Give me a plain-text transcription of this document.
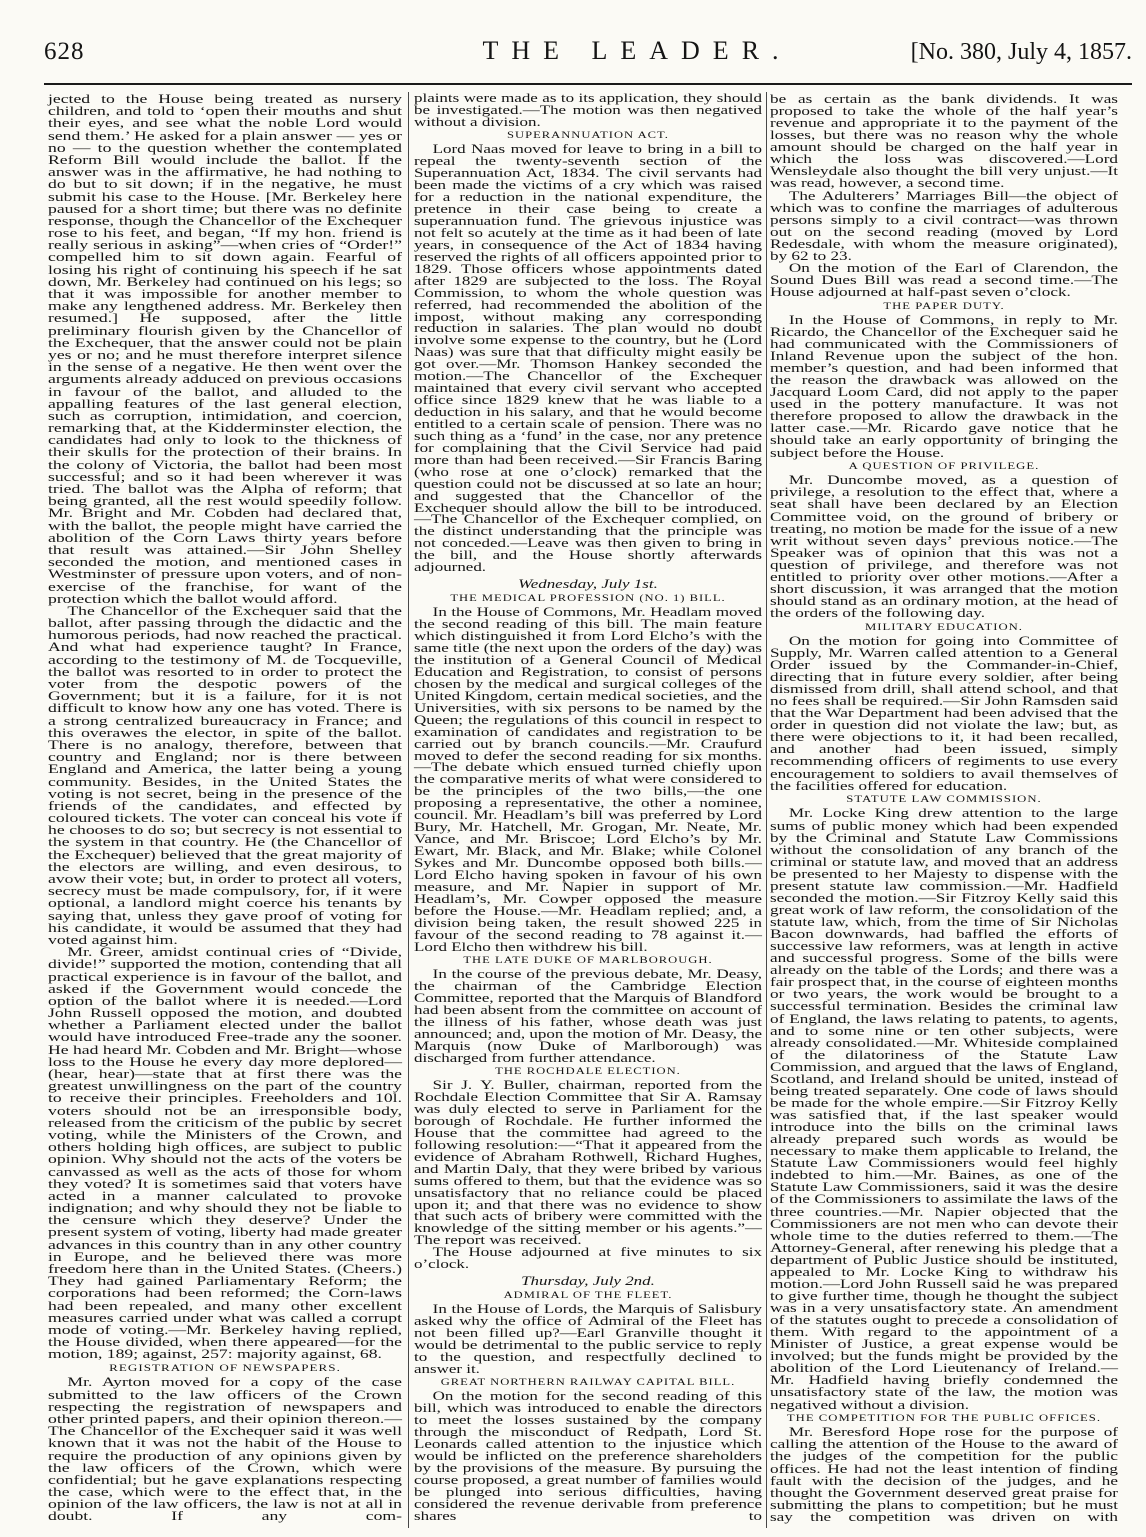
628	THE LEADER.	[No. 380, July 4, 1857.

jected to the House being treated as nursery children, and told to ‘open their mouths and shut their eyes, and see what the noble Lord would send them.’ He asked for a plain answer — yes or no — to the question whether the contemplated Reform Bill would include the ballot. If the answer was in the affirmative, he had nothing to do but to sit down; if in the negative, he must submit his case to the House. [Mr. Berkeley here paused for a short time; but there was no definite response, though the Chancellor of the Exchequer rose to his feet, and began, “If my hon. friend is really serious in asking”—when cries of “Order!” compelled him to sit down again. Fearful of losing his right of continuing his speech if he sat down, Mr. Berkeley had continued on his legs; so that it was impossible for another member to make any lengthened address. Mr. Berkeley then resumed.] He supposed, after the little preliminary flourish given by the Chancellor of the Exchequer, that the answer could not be plain yes or no; and he must therefore interpret silence in the sense of a negative. He then went over the arguments already adduced on previous occasions in favour of the ballot, and alluded to the appalling features of the last general election, such as corruption, intimidation, and coercion, remarking that, at the Kidderminster election, the candidates had only to look to the thickness of their skulls for the protection of their brains. In the colony of Victoria, the ballot had been most successful; and so it had been wherever it was tried. The ballot was the Alpha of reform; that being granted, all the rest would speedily follow. Mr. Bright and Mr. Cobden had declared that, with the ballot, the people might have carried the abolition of the Corn Laws thirty years before that result was attained.—Sir John Shelley seconded the motion, and mentioned cases in Westminster of pressure upon voters, and of non-exercise of the franchise, for want of the protection which the ballot would afford.

The Chancellor of the Exchequer said that the ballot, after passing through the didactic and the humorous periods, had now reached the practical. And what had experience taught? In France, according to the testimony of M. de Tocqueville, the ballot was resorted to in order to protect the voter from the despotic powers of the Government; but it is a failure, for it is not difficult to know how any one has voted. There is a strong centralized bureaucracy in France; and this overawes the elector, in spite of the ballot. There is no analogy, therefore, between that country and England; nor is there between England and America, the latter being a young community. Besides, in the United States the voting is not secret, being in the presence of the friends of the candidates, and effected by coloured tickets. The voter can conceal his vote if he chooses to do so; but secrecy is not essential to the system in that country. He (the Chancellor of the Exchequer) believed that the great majority of the electors are willing, and even desirous, to avow their vote; but, in order to protect all voters, secrecy must be made compulsory, for, if it were optional, a landlord might coerce his tenants by saying that, unless they gave proof of voting for his candidate, it would be assumed that they had voted against him.

Mr. Greer, amidst continual cries of “Divide, divide!” supported the motion, contending that all practical experience is in favour of the ballot, and asked if the Government would concede the option of the ballot where it is needed.—Lord John Russell opposed the motion, and doubted whether a Parliament elected under the ballot would have introduced Free-trade any the sooner. He had heard Mr. Cobden and Mr. Bright—whose loss to the House he every day more deplored—(hear, hear)—state that at first there was the greatest unwillingness on the part of the country to receive their principles. Freeholders and 10l. voters should not be an irresponsible body, released from the criticism of the public by secret voting, while the Ministers of the Crown, and others holding high offices, are subject to public opinion. Why should not the acts of the voters be canvassed as well as the acts of those for whom they voted? It is sometimes said that voters have acted in a manner calculated to provoke indignation; and why should they not be liable to the censure which they deserve? Under the present system of voting, liberty had made greater advances in this country than in any other country in Europe, and he believed there was more freedom here than in the United States. (Cheers.) They had gained Parliamentary Reform; the corporations had been reformed; the Corn-laws had been repealed, and many other excellent measures carried under what was called a corrupt mode of voting.—Mr. Berkeley having replied, the House divided, when there appeared—for the motion, 189; against, 257: majority against, 68.

REGISTRATION OF NEWSPAPERS.

Mr. Ayrton moved for a copy of the case submitted to the law officers of the Crown respecting the registration of newspapers and other printed papers, and their opinion thereon.—The Chancellor of the Exchequer said it was well known that it was not the habit of the House to require the production of any opinions given by the law officers of the Crown, which were confidential; but he gave explanations respecting the case, which were to the effect that, in the opinion of the law officers, the law is not at all in doubt. If any com-

plaints were made as to its application, they should be investigated.—The motion was then negatived without a division.

SUPERANNUATION ACT.

Lord Naas moved for leave to bring in a bill to repeal the twenty-seventh section of the Superannuation Act, 1834. The civil servants had been made the victims of a cry which was raised for a reduction in the national expenditure, the pretence in their case being to create a superannuation fund. The grievous injustice was not felt so acutely at the time as it had been of late years, in consequence of the Act of 1834 having reserved the rights of all officers appointed prior to 1829. Those officers whose appointments dated after 1829 are subjected to the loss. The Royal Commission, to whom the whole question was referred, had recommended the abolition of the impost, without making any corresponding reduction in salaries. The plan would no doubt involve some expense to the country, but he (Lord Naas) was sure that that difficulty might easily be got over.—Mr. Thomson Hankey seconded the motion.—The Chancellor of the Exchequer maintained that every civil servant who accepted office since 1829 knew that he was liable to a deduction in his salary, and that he would become entitled to a certain scale of pension. There was no such thing as a ‘fund’ in the case, nor any pretence for complaining that the Civil Service had paid more than had been received.—Sir Francis Baring (who rose at one o’clock) remarked that the question could not be discussed at so late an hour; and suggested that the Chancellor of the Exchequer should allow the bill to be introduced.—The Chancellor of the Exchequer complied, on the distinct understanding that the principle was not conceded.—Leave was then given to bring in the bill, and the House shortly afterwards adjourned.

Wednesday, July 1st.
THE MEDICAL PROFESSION (NO. 1) BILL.

In the House of Commons, Mr. Headlam moved the second reading of this bill. The main feature which distinguished it from Lord Elcho’s with the same title (the next upon the orders of the day) was the institution of a General Council of Medical Education and Registration, to consist of persons chosen by the medical and surgical colleges of the United Kingdom, certain medical societies, and the Universities, with six persons to be named by the Queen; the regulations of this council in respect to examination of candidates and registration to be carried out by branch councils.—Mr. Craufurd moved to defer the second reading for six months.—The debate which ensued turned chiefly upon the comparative merits of what were considered to be the principles of the two bills,—the one proposing a representative, the other a nominee, council. Mr. Headlam’s bill was preferred by Lord Bury, Mr. Hatchell, Mr. Grogan, Mr. Neate, Mr. Vance, and Mr. Briscoe; Lord Elcho’s by Mr. Ewart, Mr. Black, and Mr. Blake; while Colonel Sykes and Mr. Duncombe opposed both bills.—Lord Elcho having spoken in favour of his own measure, and Mr. Napier in support of Mr. Headlam’s, Mr. Cowper opposed the measure before the House.—Mr. Headlam replied; and, a division being taken, the result showed 225 in favour of the second reading to 78 against it.—Lord Elcho then withdrew his bill.

THE LATE DUKE OF MARLBOROUGH.

In the course of the previous debate, Mr. Deasy, the chairman of the Cambridge Election Committee, reported that the Marquis of Blandford had been absent from the committee on account of the illness of his father, whose death was just announced; and, upon the motion of Mr. Deasy, the Marquis (now Duke of Marlborough) was discharged from further attendance.

THE ROCHDALE ELECTION.

Sir J. Y. Buller, chairman, reported from the Rochdale Election Committee that Sir A. Ramsay was duly elected to serve in Parliament for the borough of Rochdale. He further informed the House that the committee had agreed to the following resolution:—“That it appeared from the evidence of Abraham Rothwell, Richard Hughes, and Martin Daly, that they were bribed by various sums offered to them, but that the evidence was so unsatisfactory that no reliance could be placed upon it; and that there was no evidence to show that such acts of bribery were committed with the knowledge of the sitting member or his agents.”—The report was received.

The House adjourned at five minutes to six o’clock.

Thursday, July 2nd.
ADMIRAL OF THE FLEET.

In the House of Lords, the Marquis of Salisbury asked why the office of Admiral of the Fleet has not been filled up?—Earl Granville thought it would be detrimental to the public service to reply to the question, and respectfully declined to answer it.

GREAT NORTHERN RAILWAY CAPITAL BILL.

On the motion for the second reading of this bill, which was introduced to enable the directors to meet the losses sustained by the company through the misconduct of Redpath, Lord St. Leonards called attention to the injustice which would be inflicted on the preference shareholders by the provisions of the measure. By pursuing the course proposed, a great number of families would be plunged into serious difficulties, having considered the revenue derivable from preference shares to

be as certain as the bank dividends. It was proposed to take the whole of the half year’s revenue and appropriate it to the payment of the losses, but there was no reason why the whole amount should be charged on the half year in which the loss was discovered.—Lord Wensleydale also thought the bill very unjust.—It was read, however, a second time.

The Adulterers’ Marriages Bill—the object of which was to confine the marriages of adulterous persons simply to a civil contract—was thrown out on the second reading (moved by Lord Redesdale, with whom the measure originated), by 62 to 23.

On the motion of the Earl of Clarendon, the Sound Dues Bill was read a second time.—The House adjourned at half-past seven o’clock.

THE PAPER DUTY.

In the House of Commons, in reply to Mr. Ricardo, the Chancellor of the Exchequer said he had communicated with the Commissioners of Inland Revenue upon the subject of the hon. member’s question, and had been informed that the reason the drawback was allowed on the Jacquard Loom Card, did not apply to the paper used in the pottery manufacture. It was not therefore proposed to allow the drawback in the latter case.—Mr. Ricardo gave notice that he should take an early opportunity of bringing the subject before the House.

A QUESTION OF PRIVILEGE.

Mr. Duncombe moved, as a question of privilege, a resolution to the effect that, where a seat shall have been declared by an Election Committee void, on the ground of bribery or treating, no motion be made for the issue of a new writ without seven days’ previous notice.—The Speaker was of opinion that this was not a question of privilege, and therefore was not entitled to priority over other motions.—After a short discussion, it was arranged that the motion should stand as an ordinary motion, at the head of the orders of the following day.

MILITARY EDUCATION.

On the motion for going into Committee of Supply, Mr. Warren called attention to a General Order issued by the Commander-in-Chief, directing that in future every soldier, after being dismissed from drill, shall attend school, and that no fees shall be required.—Sir John Ramsden said that the War Department had been advised that the order in question did not violate the law; but, as there were objections to it, it had been recalled, and another had been issued, simply recommending officers of regiments to use every encouragement to soldiers to avail themselves of the facilities offered for education.

STATUTE LAW COMMISSION.

Mr. Locke King drew attention to the large sums of public money which had been expended by the Criminal and Statute Law Commissions without the consolidation of any branch of the criminal or statute law, and moved that an address be presented to her Majesty to dispense with the present statute law commission.—Mr. Hadfield seconded the motion.—Sir Fitzroy Kelly said this great work of law reform, the consolidation of the statute law, which, from the time of Sir Nicholas Bacon downwards, had baffled the efforts of successive law reformers, was at length in active and successful progress. Some of the bills were already on the table of the Lords; and there was a fair prospect that, in the course of eighteen months or two years, the work would be brought to a successful termination. Besides the criminal law of England, the laws relating to patents, to agents, and to some nine or ten other subjects, were already consolidated.—Mr. Whiteside complained of the dilatoriness of the Statute Law Commission, and argued that the laws of England, Scotland, and Ireland should be united, instead of being treated separately. One code of laws should be made for the whole empire.—Sir Fitzroy Kelly was satisfied that, if the last speaker would introduce into the bills on the criminal laws already prepared such words as would be necessary to make them applicable to Ireland, the Statute Law Commissioners would feel highly indebted to him.—Mr. Baines, as one of the Statute Law Commissioners, said it was the desire of the Commissioners to assimilate the laws of the three countries.—Mr. Napier objected that the Commissioners are not men who can devote their whole time to the duties referred to them.—The Attorney-General, after renewing his pledge that a department of Public Justice should be instituted, appealed to Mr. Locke King to withdraw his motion.—Lord John Russell said he was prepared to give further time, though he thought the subject was in a very unsatisfactory state. An amendment of the statutes ought to precede a consolidation of them. With regard to the appointment of a Minister of Justice, a great expense would be involved; but the funds might be provided by the abolition of the Lord Lieutenancy of Ireland.—Mr. Hadfield having briefly condemned the unsatisfactory state of the law, the motion was negatived without a division.

THE COMPETITION FOR THE PUBLIC OFFICES.

Mr. Beresford Hope rose for the purpose of calling the attention of the House to the award of the judges of the competition for the public offices. He had not the least intention of finding fault with the decision of the judges, and he thought the Government deserved great praise for submitting the plans to competition; but he must say the competition was driven on with
